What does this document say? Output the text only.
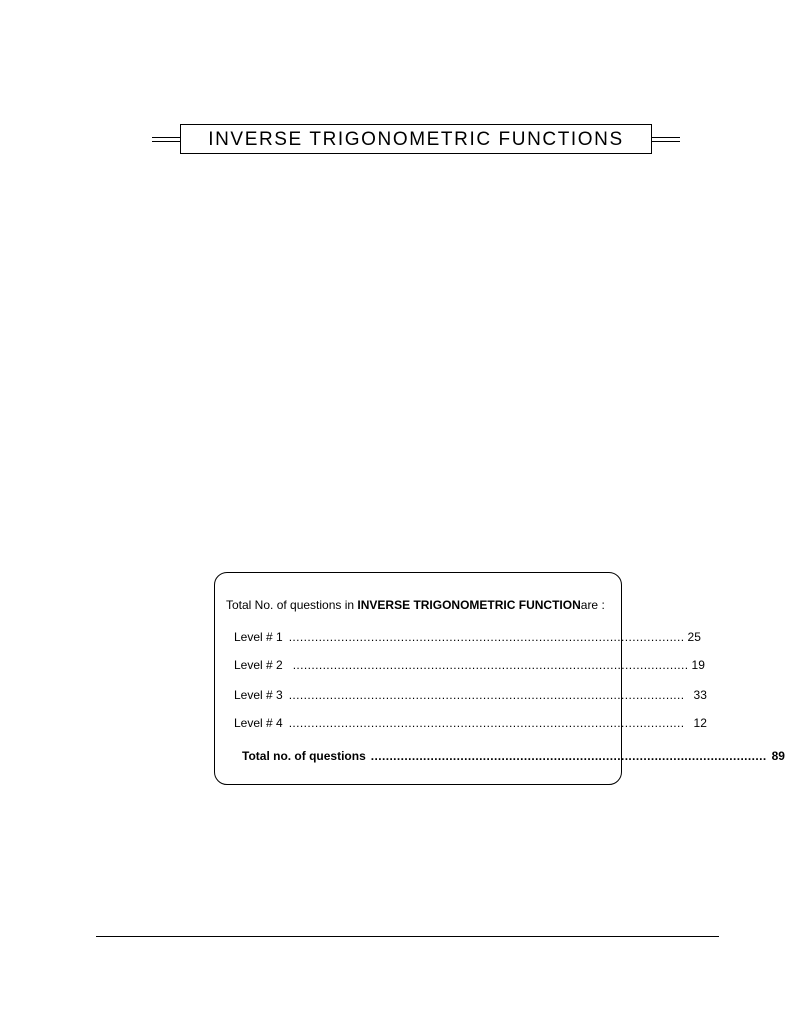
INVERSE TRIGONOMETRIC FUNCTIONS
Total No. of questions in INVERSE TRIGONOMETRIC FUNCTIONare :
Level # 1 .......................................................................................................... 25
Level # 2 .......................................................................................................... 19
Level # 3 .......................................................................................................... 33
Level # 4 .......................................................................................................... 12
Total no. of questions .......................................................................................................... 89
